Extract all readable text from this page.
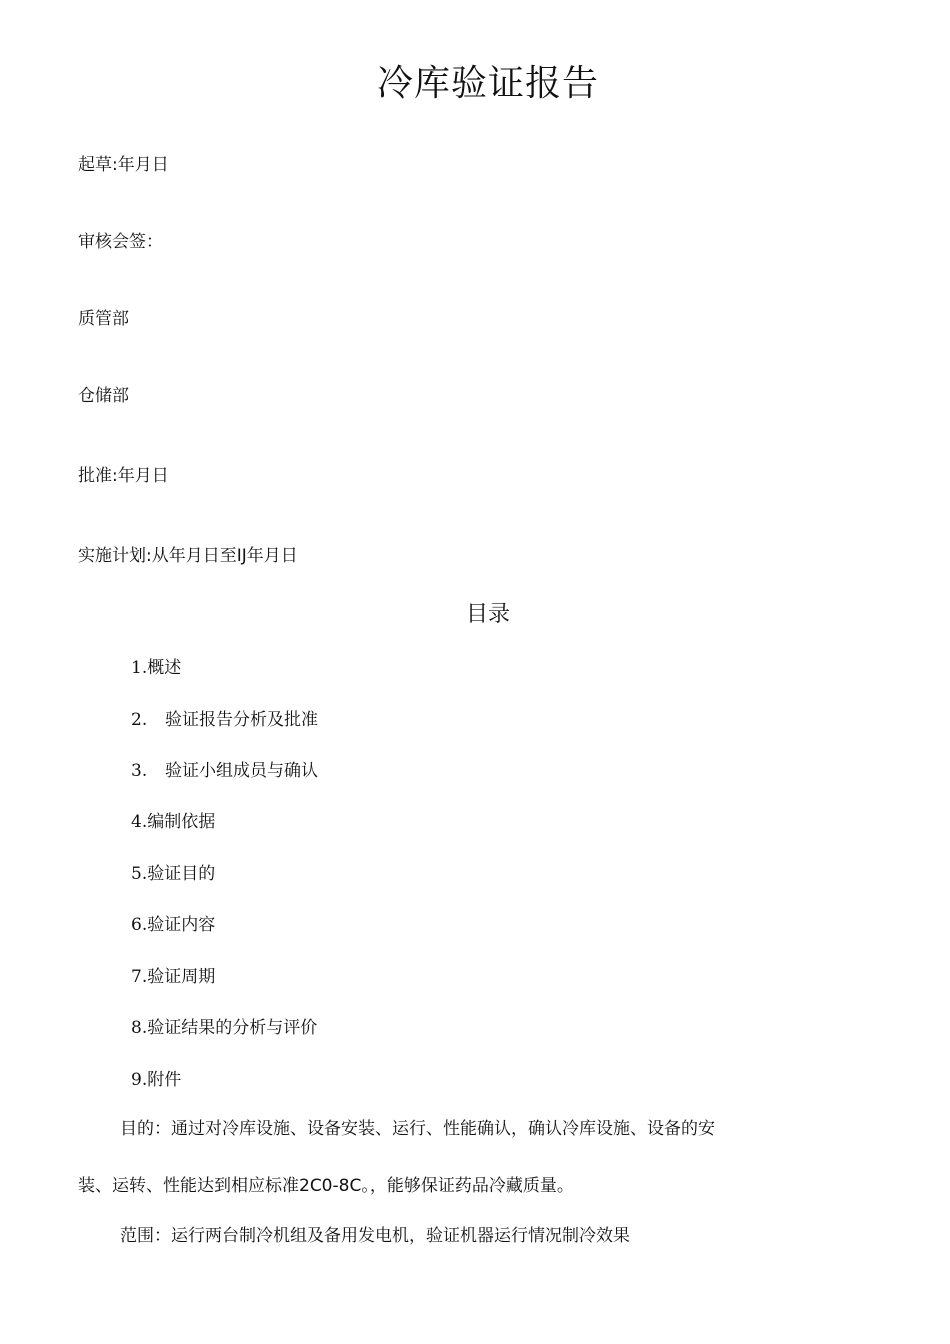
冷库验证报告
起草:年月日
审核会签：
质管部
仓储部
批准:年月日
实施计划:从年月日至IJ年月日
目录
1.概述
2. 验证报告分析及批准
3. 验证小组成员与确认
4.编制依据
5.验证目的
6.验证内容
7.验证周期
8.验证结果的分析与评价
9.附件
目的：通过对冷库设施、设备安装、运行、性能确认，确认冷库设施、设备的安
装、运转、性能达到相应标准2C0-8C。，能够保证药品冷藏质量。
范围：运行两台制冷机组及备用发电机，验证机器运行情况制冷效果
